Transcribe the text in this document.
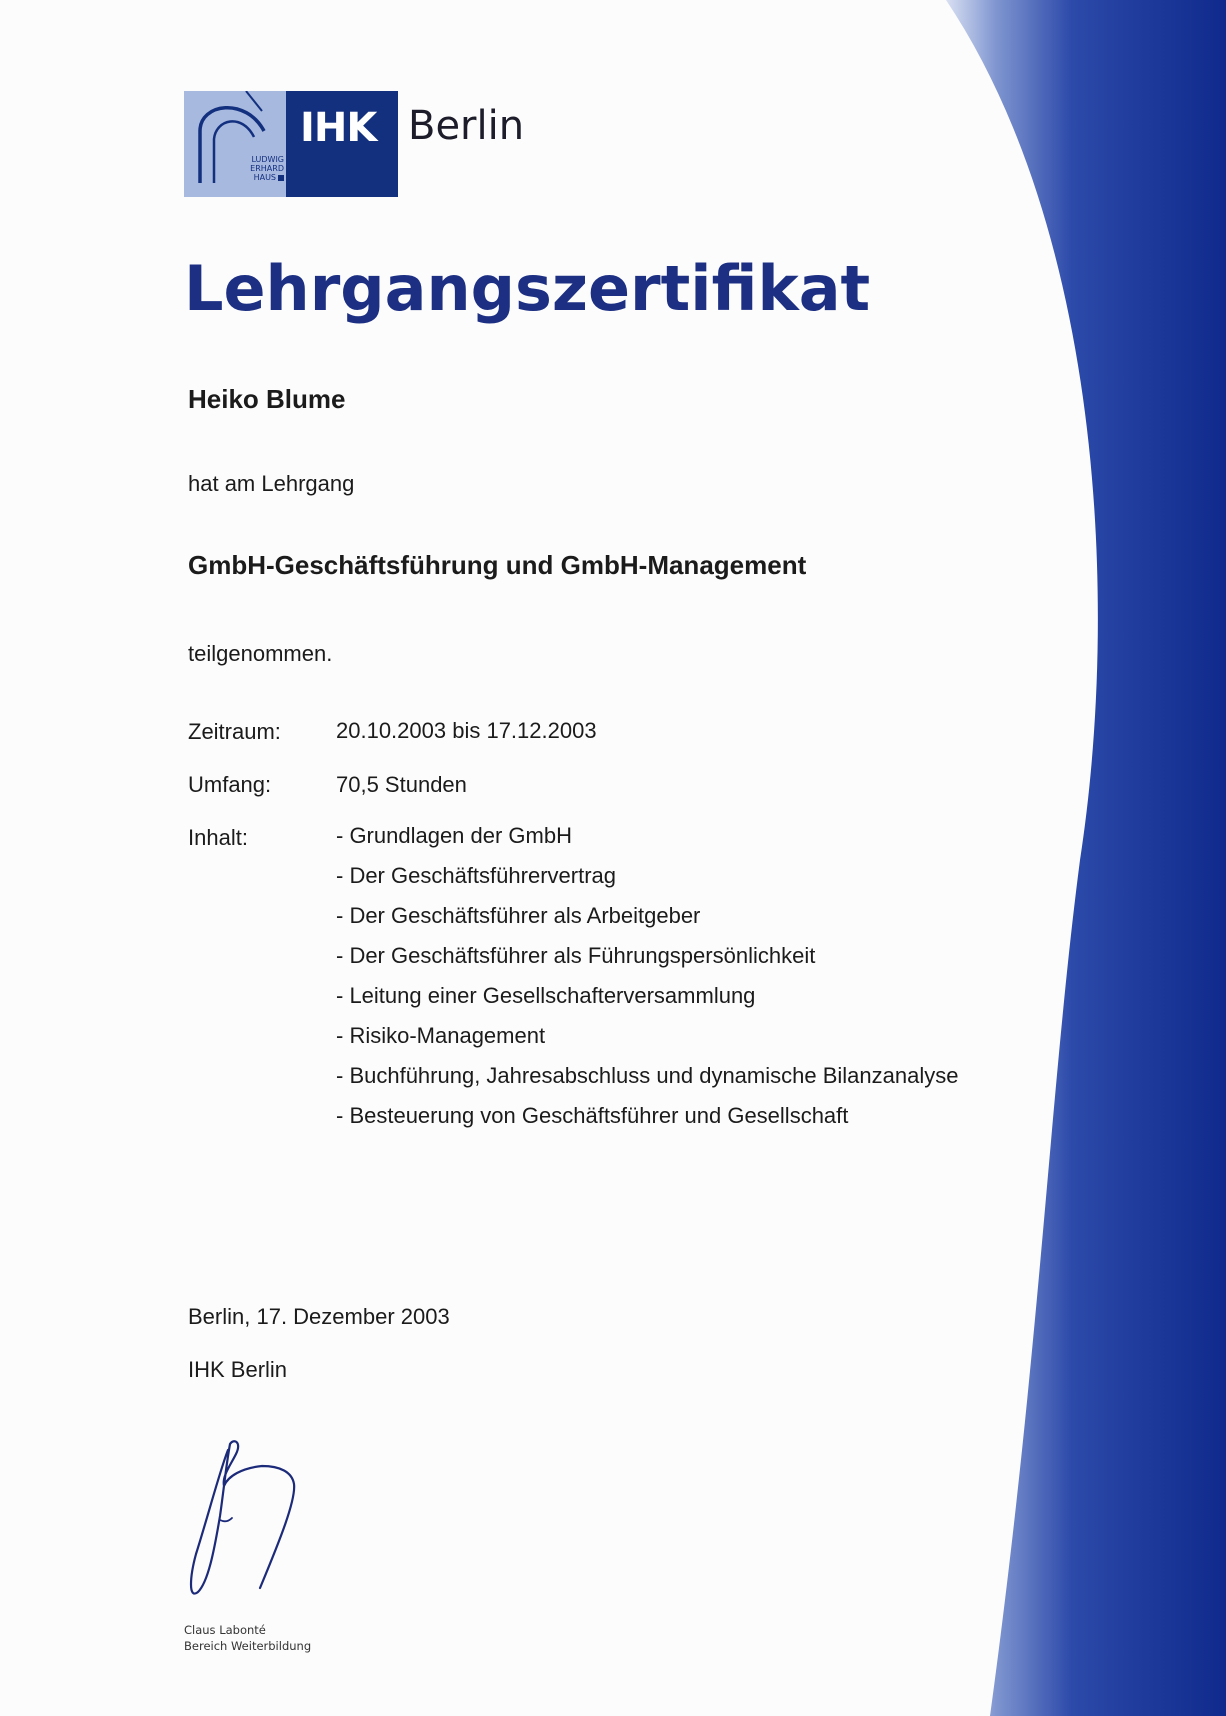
LUDWIG
ERHARD
HAUS
IHK Berlin
Lehrgangszertifikat
Heiko Blume
hat am Lehrgang
GmbH-Geschäftsführung und GmbH-Management
teilgenommen.
Zeitraum:	20.10.2003 bis 17.12.2003
Umfang:	70,5 Stunden
Inhalt:	- Grundlagen der GmbH
- Der Geschäftsführervertrag
- Der Geschäftsführer als Arbeitgeber
- Der Geschäftsführer als Führungspersönlichkeit
- Leitung einer Gesellschafterversammlung
- Risiko-Management
- Buchführung, Jahresabschluss und dynamische Bilanzanalyse
- Besteuerung von Geschäftsführer und Gesellschaft
Berlin, 17. Dezember 2003
IHK Berlin
Claus Labonté
Bereich Weiterbildung
